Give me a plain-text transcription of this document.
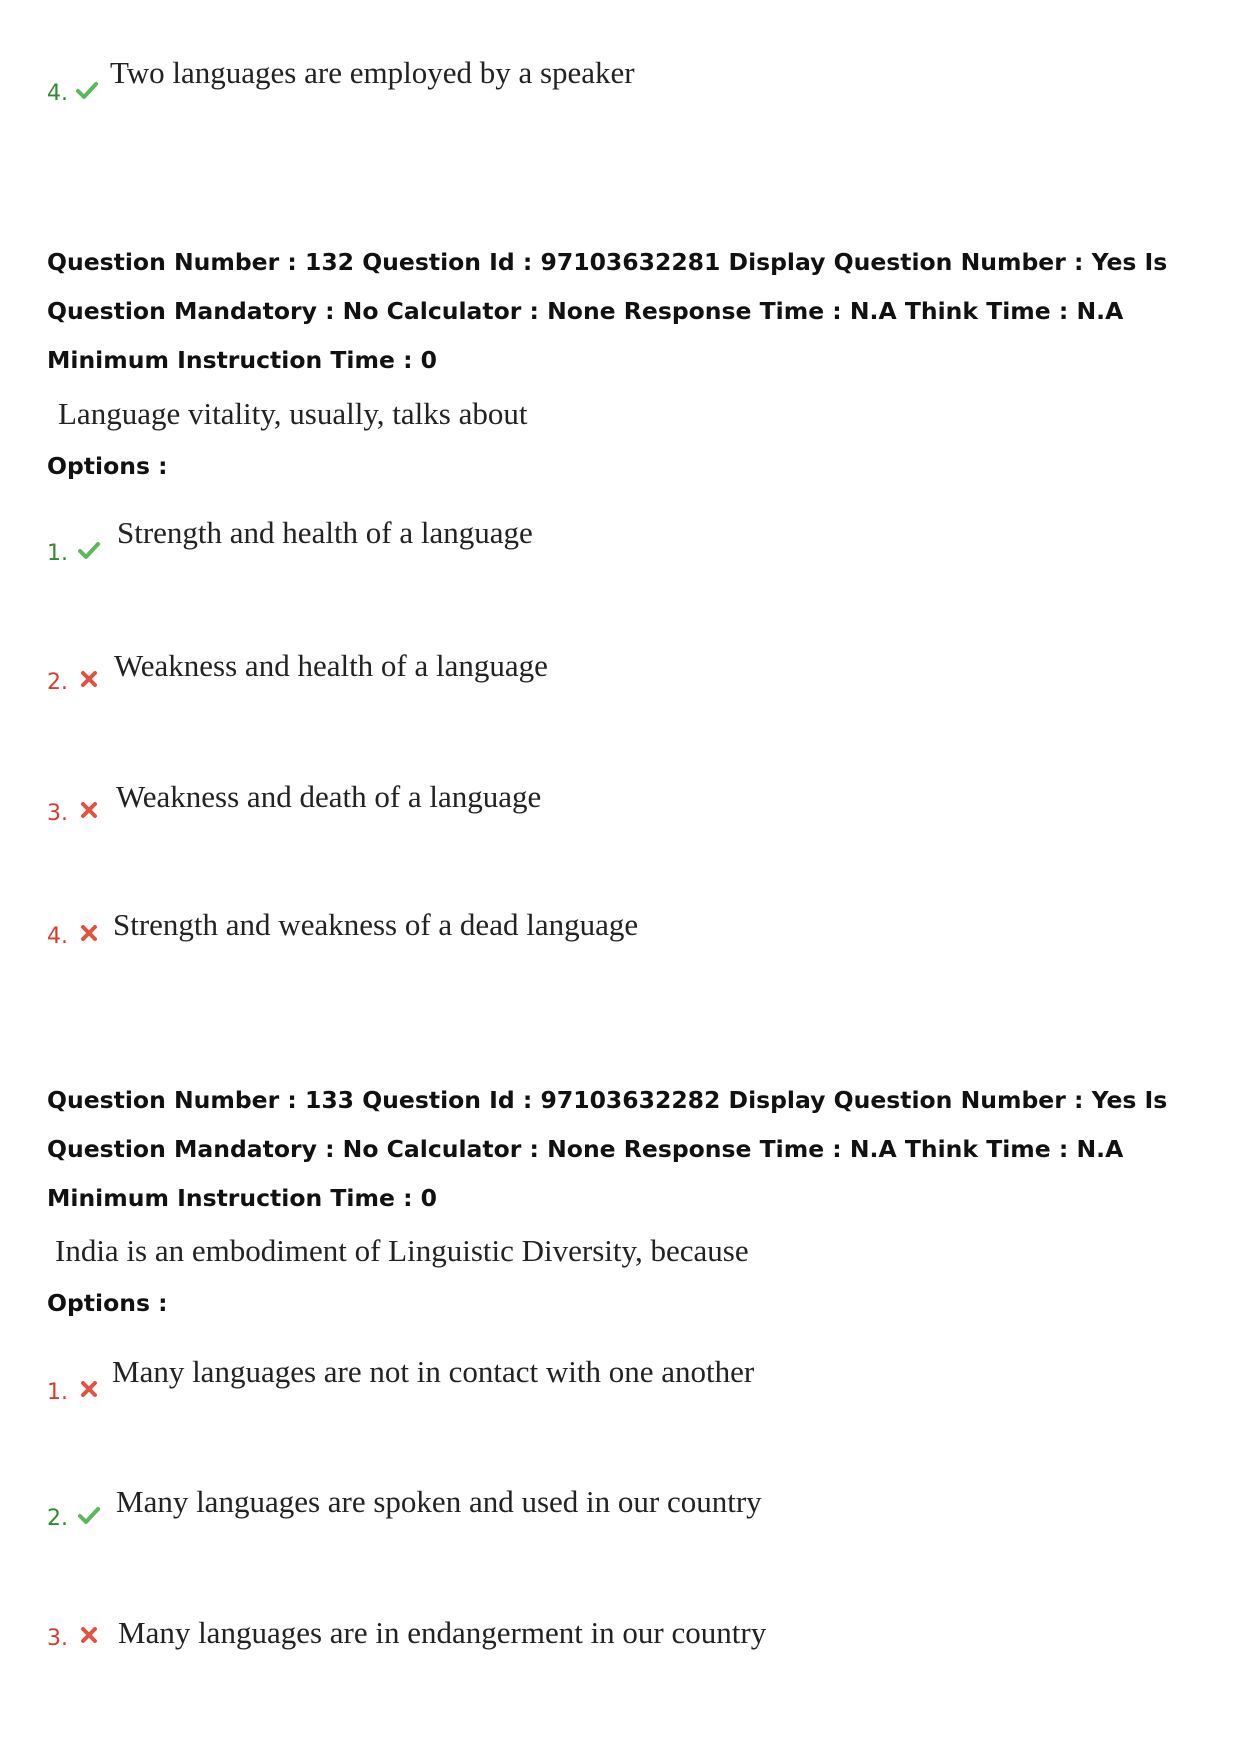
4.
Two languages are employed by a speaker

Question Number : 132 Question Id : 97103632281 Display Question Number : Yes Is Question Mandatory : No Calculator : None Response Time : N.A Think Time : N.A Minimum Instruction Time : 0

Language vitality, usually, talks about
Options :
1.
Strength and health of a language
2. Weakness and health of a language
3. Weakness and death of a language
4. Strength and weakness of a dead language

Question Number : 133 Question Id : 97103632282 Display Question Number : Yes Is Question Mandatory : No Calculator : None Response Time : N.A Think Time : N.A Minimum Instruction Time : 0

India is an embodiment of Linguistic Diversity, because
Options :
1.
Many languages are not in contact with one another
2. Many languages are spoken and used in our country
3. Many languages are in endangerment in our country
